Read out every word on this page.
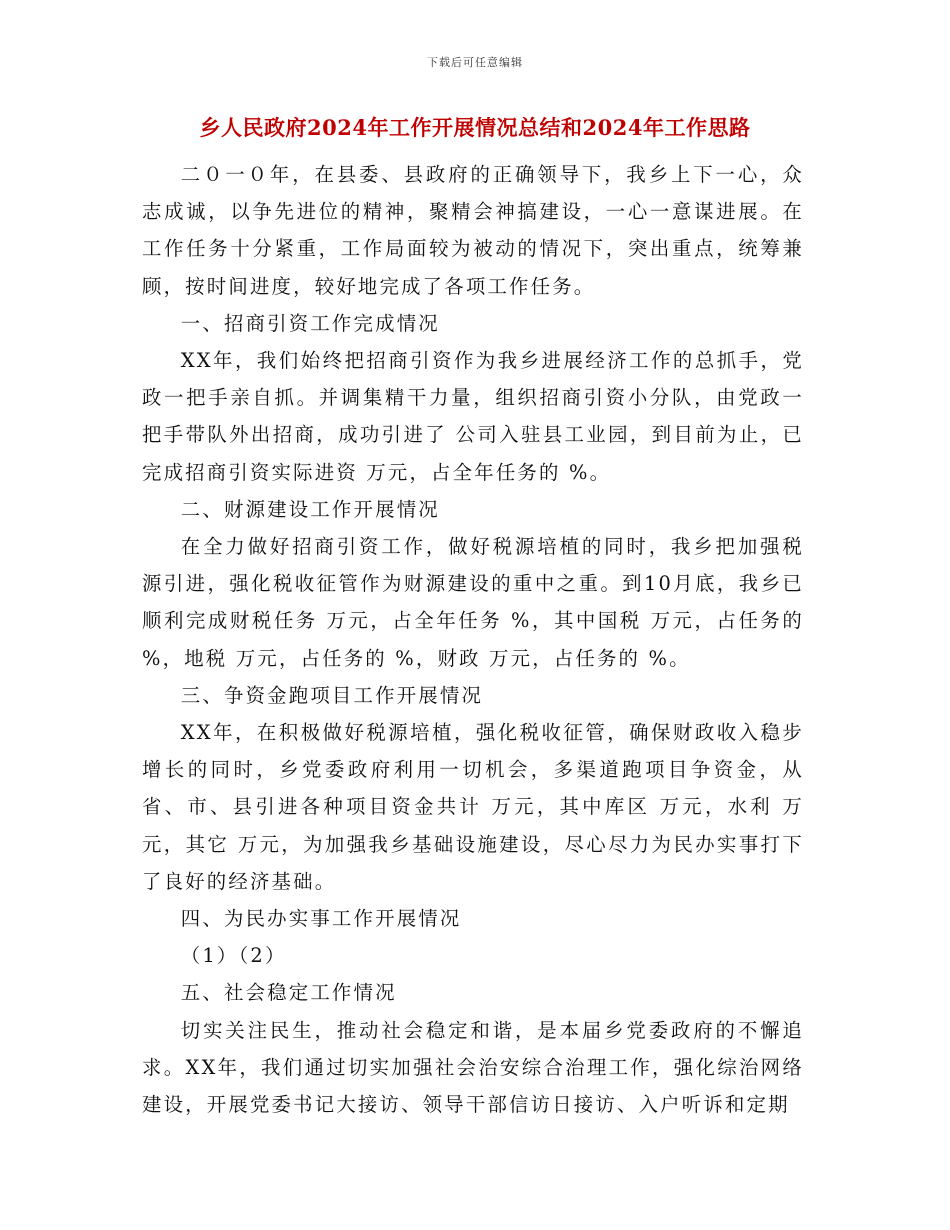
下载后可任意编辑
乡人民政府2024年工作开展情况总结和2024年工作思路

二０一０年，在县委、县政府的正确领导下，我乡上下一心，众志成诚，以争先进位的精神，聚精会神搞建设，一心一意谋进展。在工作任务十分紧重，工作局面较为被动的情况下，突出重点，统筹兼顾，按时间进度，较好地完成了各项工作任务。

一、招商引资工作完成情况

XX年，我们始终把招商引资作为我乡进展经济工作的总抓手，党政一把手亲自抓。并调集精干力量，组织招商引资小分队，由党政一把手带队外出招商，成功引进了 公司入驻县工业园，到目前为止，已完成招商引资实际进资 万元，占全年任务的 %。

二、财源建设工作开展情况

在全力做好招商引资工作，做好税源培植的同时，我乡把加强税源引进，强化税收征管作为财源建设的重中之重。到10月底，我乡已顺利完成财税任务 万元，占全年任务 %，其中国税 万元，占任务的 %，地税 万元，占任务的 %，财政 万元，占任务的 %。

三、争资金跑项目工作开展情况

XX年，在积极做好税源培植，强化税收征管，确保财政收入稳步增长的同时，乡党委政府利用一切机会，多渠道跑项目争资金，从省、市、县引进各种项目资金共计 万元，其中库区 万元，水利 万元，其它 万元，为加强我乡基础设施建设，尽心尽力为民办实事打下了良好的经济基础。

四、为民办实事工作开展情况

（1）（2）

五、社会稳定工作情况

切实关注民生，推动社会稳定和谐，是本届乡党委政府的不懈追求。XX年，我们通过切实加强社会治安综合治理工作，强化综治网络建设，开展党委书记大接访、领导干部信访日接访、入户听诉和定期
